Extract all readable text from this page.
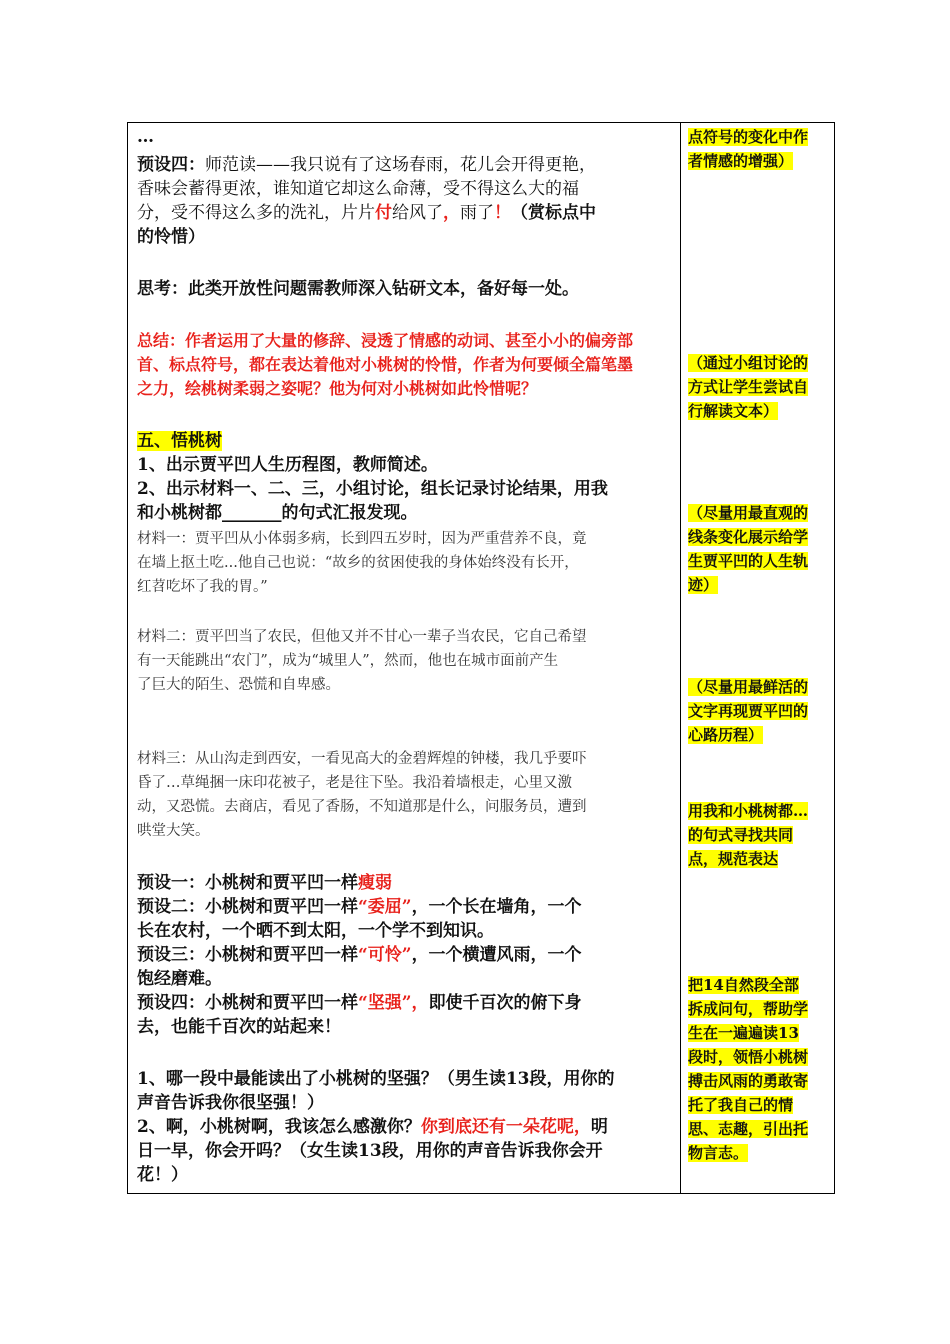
…
预设四：师范读——我只说有了这场春雨，花儿会开得更艳，
香味会蓄得更浓，谁知道它却这么命薄，受不得这么大的福
分，受不得这么多的洗礼，片片付给风了，雨了！（赏标点中
的怜惜）
思考：此类开放性问题需教师深入钻研文本，备好每一处。
总结：作者运用了大量的修辞、浸透了情感的动词、甚至小小的偏旁部
首、标点符号，都在表达着他对小桃树的怜惜，作者为何要倾全篇笔墨
之力，绘桃树柔弱之姿呢？他为何对小桃树如此怜惜呢？
五、悟桃树
1、出示贾平凹人生历程图，教师简述。
2、出示材料一、二、三，小组讨论，组长记录讨论结果，用我
和小桃树都_______的句式汇报发现。
材料一：贾平凹从小体弱多病，长到四五岁时，因为严重营养不良，竟
在墙上抠土吃...他自己也说：“故乡的贫困使我的身体始终没有长开，
红苕吃坏了我的胃。”
材料二：贾平凹当了农民，但他又并不甘心一辈子当农民，它自己希望
有一天能跳出“农门”，成为“城里人”，然而，他也在城市面前产生
了巨大的陌生、恐慌和自卑感。
材料三：从山沟走到西安，一看见高大的金碧辉煌的钟楼，我几乎要吓
昏了…草绳捆一床印花被子，老是往下坠。我沿着墙根走，心里又激
动，又恐慌。去商店，看见了香肠，不知道那是什么，问服务员，遭到
哄堂大笑。
预设一：小桃树和贾平凹一样瘦弱
预设二：小桃树和贾平凹一样“委屈”，一个长在墙角，一个
长在农村，一个晒不到太阳，一个学不到知识。
预设三：小桃树和贾平凹一样“可怜”，一个横遭风雨，一个
饱经磨难。
预设四：小桃树和贾平凹一样“坚强”，即使千百次的俯下身
去，也能千百次的站起来！
1、哪一段中最能读出了小桃树的坚强？（男生读13段，用你的
声音告诉我你很坚强！）
2、啊，小桃树啊，我该怎么感激你？你到底还有一朵花呢，明
日一早，你会开吗？（女生读13段，用你的声音告诉我你会开
花！）
点符号的变化中作
者情感的增强）
（通过小组讨论的
方式让学生尝试自
行解读文本）
（尽量用最直观的
线条变化展示给学
生贾平凹的人生轨
迹）
（尽量用最鲜活的
文字再现贾平凹的
心路历程）
用我和小桃树都…
的句式寻找共同
点，规范表达
把14自然段全部
拆成问句，帮助学
生在一遍遍读13
段时，领悟小桃树
搏击风雨的勇敢寄
托了我自己的情
思、志趣，引出托
物言志。
